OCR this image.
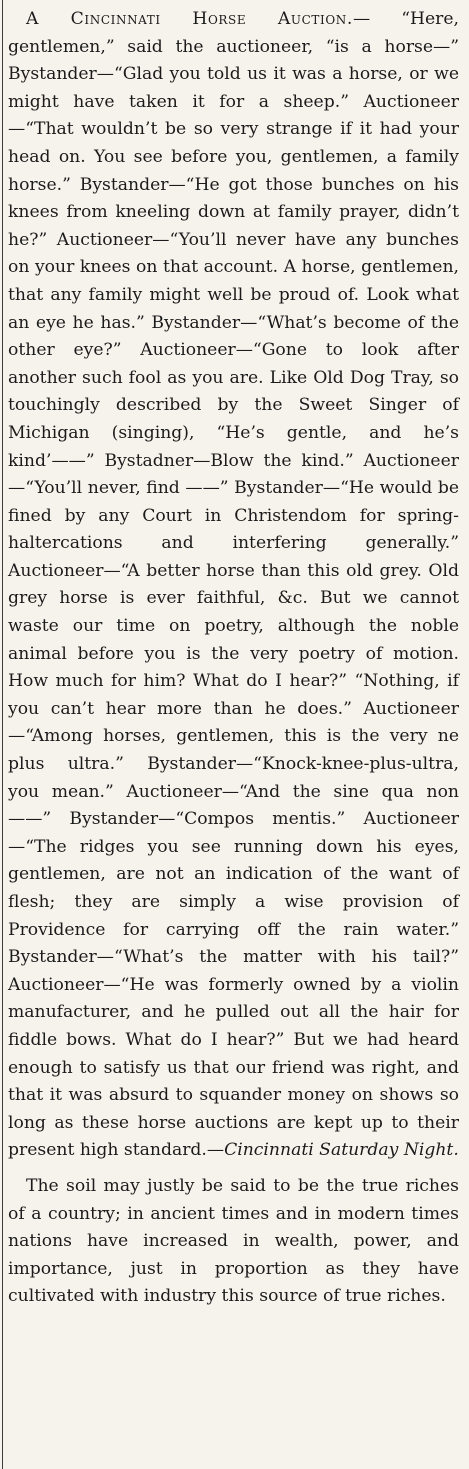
A Cincinnati Horse Auction.— “Here, gentlemen,” said the auctioneer, “is a horse—” Bystander—“Glad you told us it was a horse, or we might have taken it for a sheep.” Auctioneer—“That wouldn’t be so very strange if it had your head on. You see before you, gentlemen, a family horse.” Bystander—“He got those bunches on his knees from kneeling down at family prayer, didn’t he?” Auctioneer—“You’ll never have any bunches on your knees on that account. A horse, gentlemen, that any family might well be proud of. Look what an eye he has.” Bystander—“What’s become of the other eye?” Auctioneer—“Gone to look after another such fool as you are. Like Old Dog Tray, so touchingly described by the Sweet Singer of Michigan (singing), “He’s gentle, and he’s kind’——” Bystadner—Blow the kind.” Auctioneer—“You’ll never, find ——” Bystander—“He would be fined by any Court in Christendom for spring-haltercations and interfering generally.” Auctioneer—“A better horse than this old grey. Old grey horse is ever faithful, &c. But we cannot waste our time on poetry, although the noble animal before you is the very poetry of motion. How much for him? What do I hear?” “Nothing, if you can’t hear more than he does.” Auctioneer—“Among horses, gentlemen, this is the very ne plus ultra.” Bystander—“Knock-knee-plus-ultra, you mean.” Auctioneer—“And the sine qua non——” Bystander—“Compos mentis.” Auctioneer—“The ridges you see running down his eyes, gentlemen, are not an indication of the want of flesh; they are simply a wise provision of Providence for carrying off the rain water.” Bystander—“What’s the matter with his tail?” Auctioneer—“He was formerly owned by a violin manufacturer, and he pulled out all the hair for fiddle bows. What do I hear?” But we had heard enough to satisfy us that our friend was right, and that it was absurd to squander money on shows so long as these horse auctions are kept up to their present high standard.—Cincinnati Saturday Night.

The soil may justly be said to be the true riches of a country; in ancient times and in modern times nations have increased in wealth, power, and importance, just in proportion as they have cultivated with industry this source of true riches.
